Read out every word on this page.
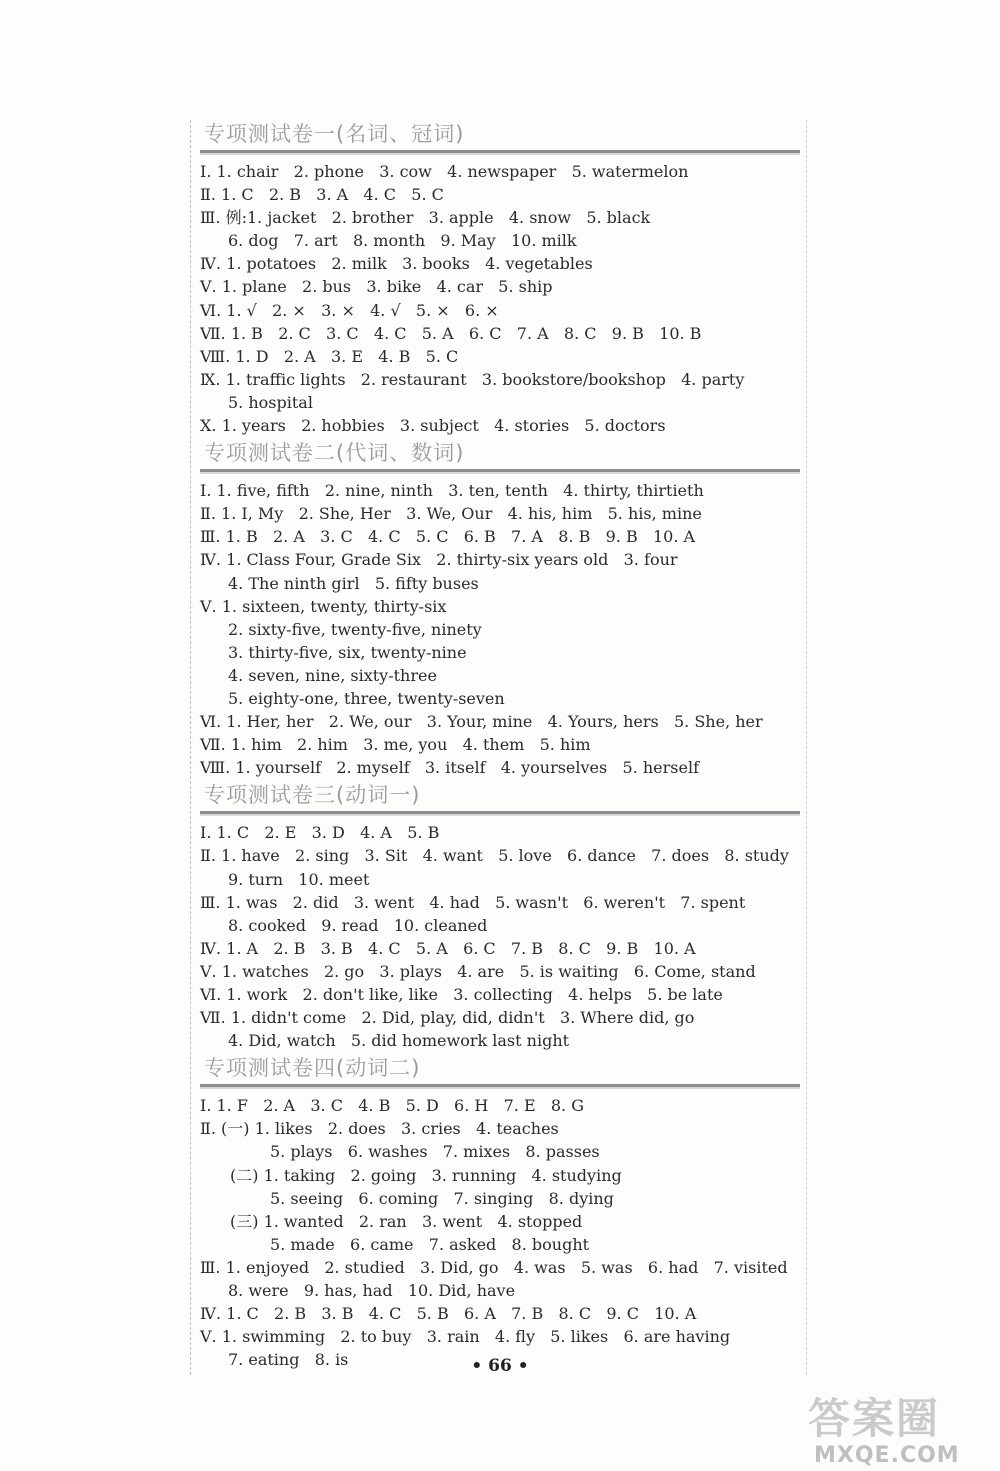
专项测试卷一(名词、冠词)
Ⅰ. 1. chair   2. phone   3. cow   4. newspaper   5. watermelon
Ⅱ. 1. C   2. B   3. A   4. C   5. C
Ⅲ. 例:1. jacket   2. brother   3. apple   4. snow   5. black
6. dog   7. art   8. month   9. May   10. milk
Ⅳ. 1. potatoes   2. milk   3. books   4. vegetables
Ⅴ. 1. plane   2. bus   3. bike   4. car   5. ship
Ⅵ. 1. √   2. ×   3. ×   4. √   5. ×   6. ×
Ⅶ. 1. B   2. C   3. C   4. C   5. A   6. C   7. A   8. C   9. B   10. B
Ⅷ. 1. D   2. A   3. E   4. B   5. C
Ⅸ. 1. traffic lights   2. restaurant   3. bookstore/bookshop   4. party
5. hospital
Ⅹ. 1. years   2. hobbies   3. subject   4. stories   5. doctors
专项测试卷二(代词、数词)
Ⅰ. 1. five, fifth   2. nine, ninth   3. ten, tenth   4. thirty, thirtieth
Ⅱ. 1. I, My   2. She, Her   3. We, Our   4. his, him   5. his, mine
Ⅲ. 1. B   2. A   3. C   4. C   5. C   6. B   7. A   8. B   9. B   10. A
Ⅳ. 1. Class Four, Grade Six   2. thirty-six years old   3. four
4. The ninth girl   5. fifty buses
Ⅴ. 1. sixteen, twenty, thirty-six
2. sixty-five, twenty-five, ninety
3. thirty-five, six, twenty-nine
4. seven, nine, sixty-three
5. eighty-one, three, twenty-seven
Ⅵ. 1. Her, her   2. We, our   3. Your, mine   4. Yours, hers   5. She, her
Ⅶ. 1. him   2. him   3. me, you   4. them   5. him
Ⅷ. 1. yourself   2. myself   3. itself   4. yourselves   5. herself
专项测试卷三(动词一)
Ⅰ. 1. C   2. E   3. D   4. A   5. B
Ⅱ. 1. have   2. sing   3. Sit   4. want   5. love   6. dance   7. does   8. study
9. turn   10. meet
Ⅲ. 1. was   2. did   3. went   4. had   5. wasn't   6. weren't   7. spent
8. cooked   9. read   10. cleaned
Ⅳ. 1. A   2. B   3. B   4. C   5. A   6. C   7. B   8. C   9. B   10. A
Ⅴ. 1. watches   2. go   3. plays   4. are   5. is waiting   6. Come, stand
Ⅵ. 1. work   2. don't like, like   3. collecting   4. helps   5. be late
Ⅶ. 1. didn't come   2. Did, play, did, didn't   3. Where did, go
4. Did, watch   5. did homework last night
专项测试卷四(动词二)
Ⅰ. 1. F   2. A   3. C   4. B   5. D   6. H   7. E   8. G
Ⅱ. (一) 1. likes   2. does   3. cries   4. teaches
5. plays   6. washes   7. mixes   8. passes
(二) 1. taking   2. going   3. running   4. studying
5. seeing   6. coming   7. singing   8. dying
(三) 1. wanted   2. ran   3. went   4. stopped
5. made   6. came   7. asked   8. bought
Ⅲ. 1. enjoyed   2. studied   3. Did, go   4. was   5. was   6. had   7. visited
8. were   9. has, had   10. Did, have
Ⅳ. 1. C   2. B   3. B   4. C   5. B   6. A   7. B   8. C   9. C   10. A
Ⅴ. 1. swimming   2. to buy   3. rain   4. fly   5. likes   6. are having
7. eating   8. is	• 66 •
答案圈
MXQE.COM
